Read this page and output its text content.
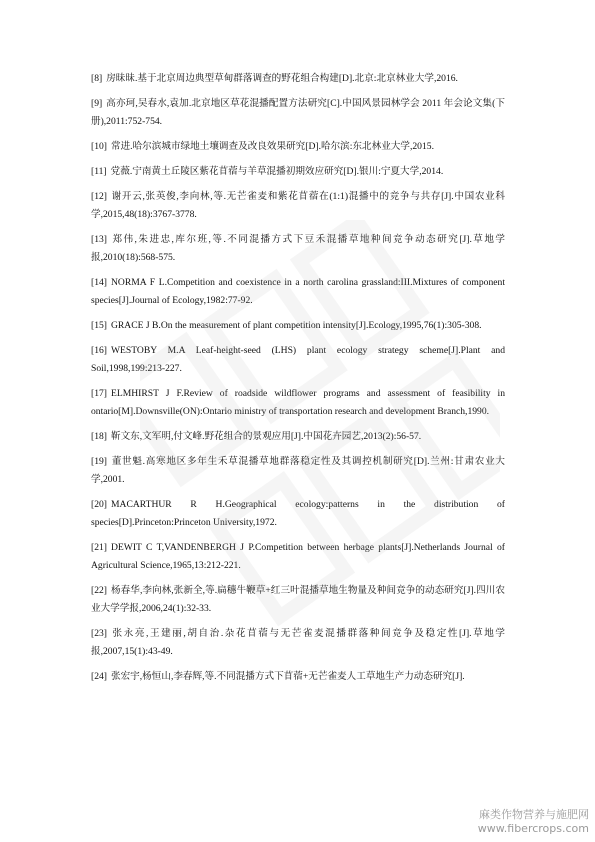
[8] 房昧昧.基于北京周边典型草甸群落调查的野花组合构建[D].北京:北京林业大学,2016.

[9] 高亦珂,吴春水,袁加.北京地区草花混播配置方法研究[C].中国风景园林学会 2011 年会论文集(下册),2011:752-754.

[10] 常进.哈尔滨城市绿地土壤调查及改良效果研究[D].哈尔滨:东北林业大学,2015.

[11] 党薇.宁南黄土丘陵区紫花苜蓿与羊草混播初期效应研究[D].银川:宁夏大学,2014.

[12] 谢开云,张英俊,李向林,等.无芒雀麦和紫花苜蓿在(1:1)混播中的竞争与共存[J].中国农业科学,2015,48(18):3767-3778.

[13] 郑伟,朱进忠,库尔班,等.不同混播方式下豆禾混播草地种间竞争动态研究[J].草地学报,2010(18):568-575.

[14] NORMA F L.Competition and coexistence in a north carolina grassland:III.Mixtures of component species[J].Journal of Ecology,1982:77-92.

[15] GRACE J B.On the measurement of plant competition intensity[J].Ecology,1995,76(1):305-308.

[16] WESTOBY M.A Leaf-height-seed (LHS) plant ecology strategy scheme[J].Plant and Soil,1998,199:213-227.

[17] ELMHIRST J F.Review of roadside wildflower programs and assessment of feasibility in ontario[M].Downsville(ON):Ontario ministry of transportation research and development Branch,1990.

[18] 靳文东,文军明,付文峰.野花组合的景观应用[J].中国花卉园艺,2013(2):56-57.

[19] 董世魁.高寒地区多年生禾草混播草地群落稳定性及其调控机制研究[D].兰州:甘肃农业大学,2001.

[20] MACARTHUR R H.Geographical ecology:patterns in the distribution of species[D].Princeton:Princeton University,1972.

[21] DEWIT C T,VANDENBERGH J P.Competition between herbage plants[J].Netherlands Journal of Agricultural Science,1965,13:212-221.

[22] 杨春华,李向林,张新全,等.扁穗牛鞭草+红三叶混播草地生物量及种间竞争的动态研究[J].四川农业大学学报,2006,24(1):32-33.

[23] 张永亮,王建丽,胡自治.杂花苜蓿与无芒雀麦混播群落种间竞争及稳定性[J].草地学报,2007,15(1):43-49.

[24] 张宏宇,杨恒山,李春辉,等.不同混播方式下苜蓿+无芒雀麦人工草地生产力动态研究[J].

麻类作物营养与施肥网
www.fibercrops.com
